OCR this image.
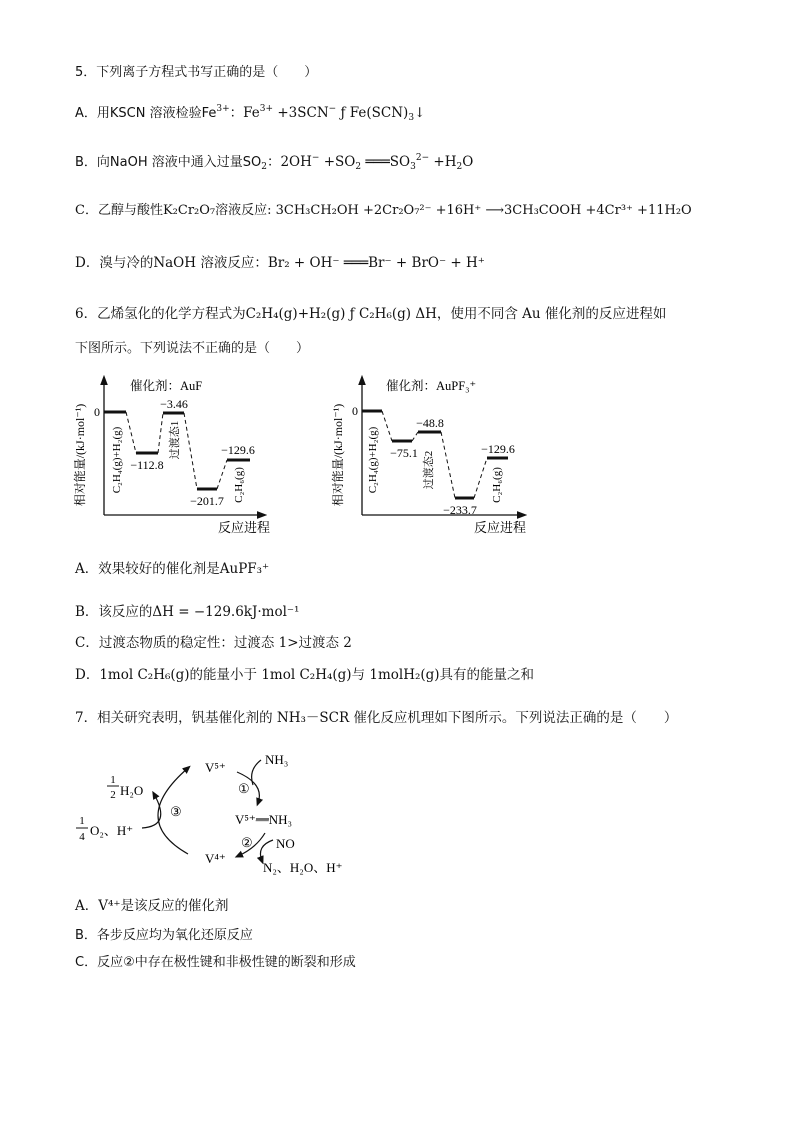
5．下列离子方程式书写正确的是（　　）
A．用KSCN 溶液检验$Fe^{3+}$：$Fe^{3+} +3SCN^-$ ƒ $Fe(SCN)_3↓$
B．向NaOH 溶液中通入过量$SO_2$：$2OH^- +SO_2$ $═══SO_3^{2-} +H_2O$
C．乙醇与酸性K₂Cr₂O₇溶液反应: 3CH₃CH₂OH +2Cr₂O₇²⁻ +16H⁺ ⟶3CH₃COOH +4Cr³⁺ +11H₂O
D．溴与冷的NaOH 溶液反应：Br₂ + OH⁻ ═══Br⁻ + BrO⁻ + H⁺
6．乙烯氢化的化学方程式为C₂H₄(g)+H₂(g) ƒ C₂H₆(g) ΔH，使用不同含 Au 催化剂的反应进程如
下图所示。下列说法不正确的是（　　）
相对能量/(kJ·mol⁻¹)
反应进程
催化剂：AuF
0
−112.8
−3.46
−201.7
−129.6
C₂H₄(g)+H₂(g)	过渡态1
C₂H₆(g)	相对能量/(kJ·mol⁻¹)
反应进程
催化剂：AuPF₃⁺
0
−75.1
−48.8
−233.7
−129.6
C₂H₄(g)+H₂(g)	过渡态2	C₂H₆(g)
A．效果较好的催化剂是AuPF₃⁺
B．该反应的ΔH = −129.6kJ·mol⁻¹
C．过渡态物质的稳定性：过渡态 1>过渡态 2
D．1mol C₂H₆(g)的能量小于 1mol C₂H₄(g)与 1molH₂(g)具有的能量之和
7．相关研究表明，钒基催化剂的 NH₃－SCR 催化反应机理如下图所示。下列说法正确的是（　　）
V⁵⁺
NH₃
①
V⁵⁺—NH₃
② NO
N₂、H₂O、H⁺
V⁴⁺
③
1
2 H₂O
1
4 O₂、H⁺
A．V⁴⁺是该反应的催化剂
B．各步反应均为氧化还原反应
C．反应②中存在极性键和非极性键的断裂和形成
